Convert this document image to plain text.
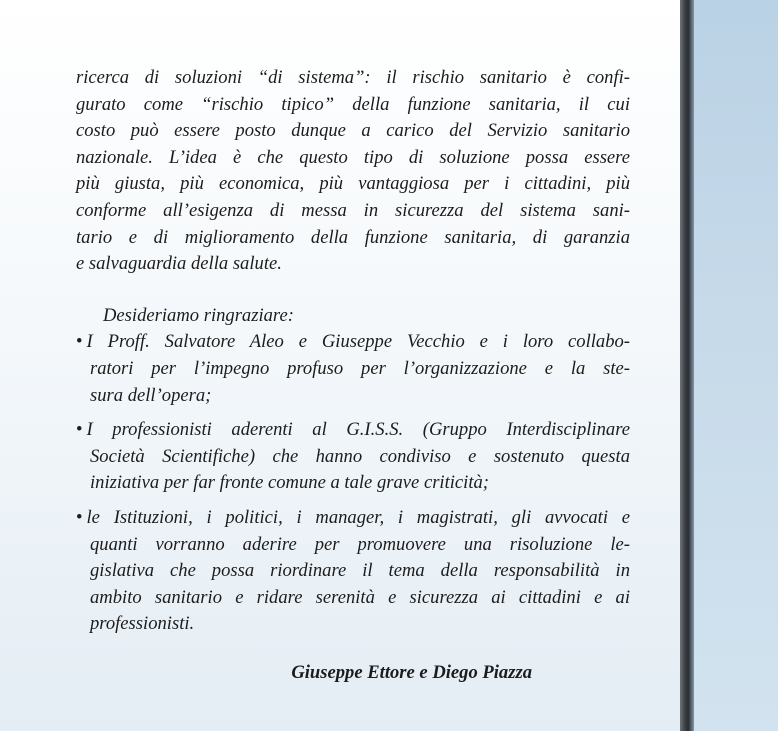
ricerca di soluzioni “di sistema”: il rischio sanitario è confi-
gurato come “rischio tipico” della funzione sanitaria, il cui
costo può essere posto dunque a carico del Servizio sanitario
nazionale. L’idea è che questo tipo di soluzione possa essere
più giusta, più economica, più vantaggiosa per i cittadini, più
conforme all’esigenza di messa in sicurezza del sistema sani-
tario e di miglioramento della funzione sanitaria, di garanzia
e salvaguardia della salute.
Desideriamo ringraziare:
• I Proff. Salvatore Aleo e Giuseppe Vecchio e i loro collabo-
ratori per l’impegno profuso per l’organizzazione e la ste-
sura dell’opera;
• I professionisti aderenti al G.I.S.S. (Gruppo Interdisciplinare
Società Scientifiche) che hanno condiviso e sostenuto questa
iniziativa per far fronte comune a tale grave criticità;
• le Istituzioni, i politici, i manager, i magistrati, gli avvocati e
quanti vorranno aderire per promuovere una risoluzione le-
gislativa che possa riordinare il tema della responsabilità in
ambito sanitario e ridare serenità e sicurezza ai cittadini e ai
professionisti.
Giuseppe Ettore e Diego Piazza
